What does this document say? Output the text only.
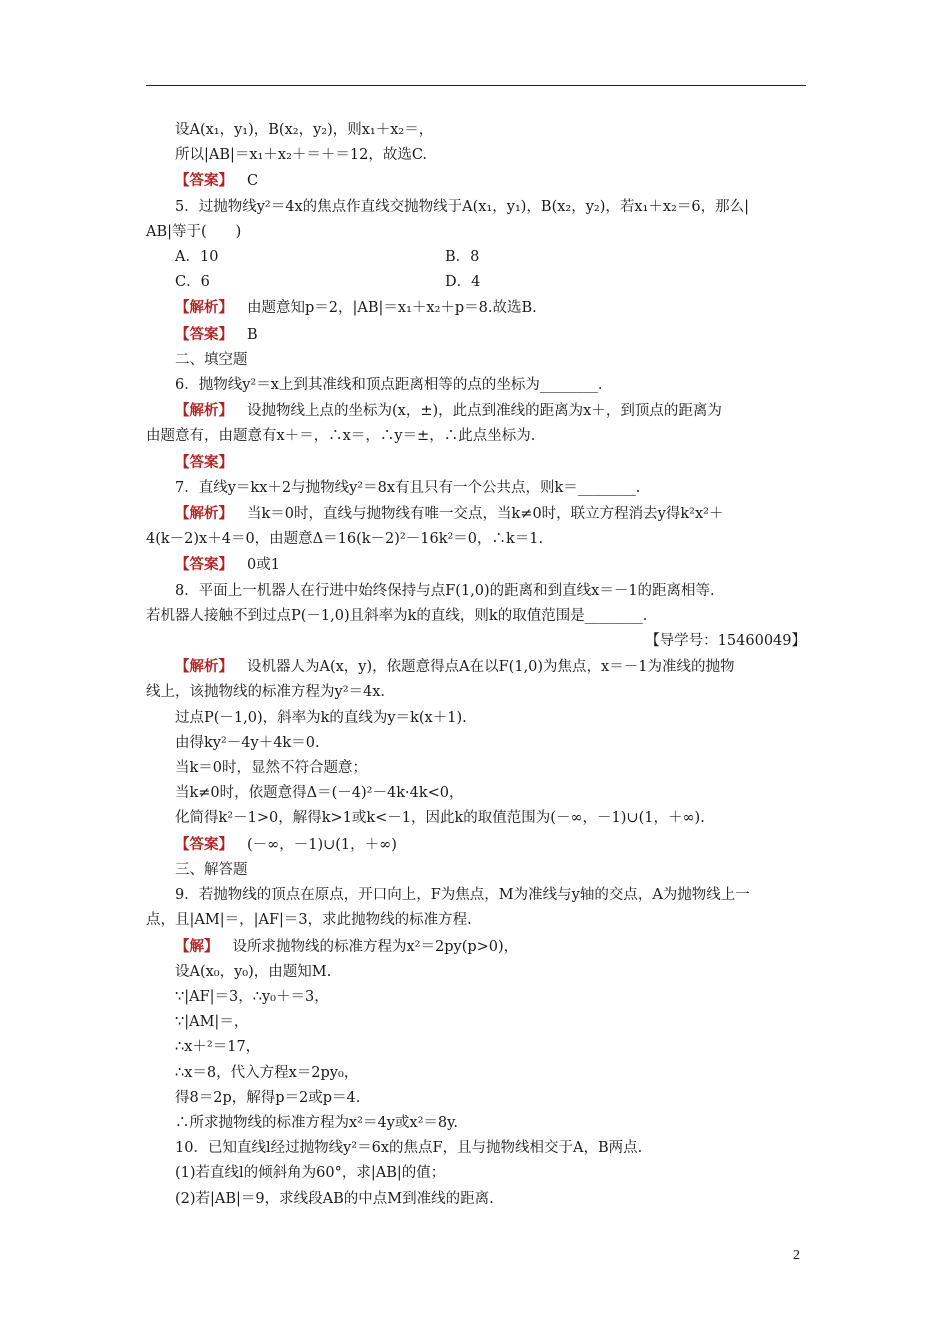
设A(x₁，y₁)，B(x₂，y₂)，则x₁＋x₂＝，
所以|AB|＝x₁＋x₂＋＝＋＝12，故选C.
【答案】 C
5．过抛物线y²＝4x的焦点作直线交抛物线于A(x₁，y₁)，B(x₂，y₂)，若x₁＋x₂＝6，那么|
AB|等于(　　)
A．10	B．8
C．6	D．4
【解析】 由题意知p＝2，|AB|＝x₁＋x₂＋p＝8.故选B.
【答案】 B
二、填空题
6．抛物线y²＝x上到其准线和顶点距离相等的点的坐标为________.
【解析】 设抛物线上点的坐标为(x，±)，此点到准线的距离为x＋，到顶点的距离为
由题意有，由题意有x＋＝，∴x＝，∴y＝±，∴此点坐标为.
【答案】
7．直线y＝kx＋2与抛物线y²＝8x有且只有一个公共点，则k＝________.
【解析】 当k＝0时，直线与抛物线有唯一交点，当k≠0时，联立方程消去y得k²x²＋
4(k－2)x＋4＝0，由题意Δ＝16(k－2)²－16k²＝0，∴k＝1.
【答案】 0或1
8．平面上一机器人在行进中始终保持与点F(1,0)的距离和到直线x＝－1的距离相等.
若机器人接触不到过点P(－1,0)且斜率为k的直线，则k的取值范围是________.
【导学号：15460049】
【解析】 设机器人为A(x，y)，依题意得点A在以F(1,0)为焦点，x＝－1为准线的抛物
线上，该抛物线的标准方程为y²＝4x.
过点P(－1,0)，斜率为k的直线为y＝k(x＋1).
由得ky²－4y＋4k＝0.
当k＝0时，显然不符合题意；
当k≠0时，依题意得Δ＝(－4)²－4k·4k<0，
化简得k²－1>0，解得k>1或k<－1，因此k的取值范围为(－∞，－1)∪(1，＋∞).
【答案】 (－∞，－1)∪(1，＋∞)
三、解答题
9．若抛物线的顶点在原点，开口向上，F为焦点，M为准线与y轴的交点，A为抛物线上一
点，且|AM|＝，|AF|＝3，求此抛物线的标准方程.
【解】 设所求抛物线的标准方程为x²＝2py(p>0)，
设A(x₀，y₀)，由题知M.
∵|AF|＝3，∴y₀＋＝3，
∵|AM|＝，
∴x＋²＝17，
∴x＝8，代入方程x＝2py₀，
得8＝2p，解得p＝2或p＝4.
∴所求抛物线的标准方程为x²＝4y或x²＝8y.
10．已知直线l经过抛物线y²＝6x的焦点F，且与抛物线相交于A，B两点.
(1)若直线l的倾斜角为60°，求|AB|的值；
(2)若|AB|＝9，求线段AB的中点M到准线的距离.
2
